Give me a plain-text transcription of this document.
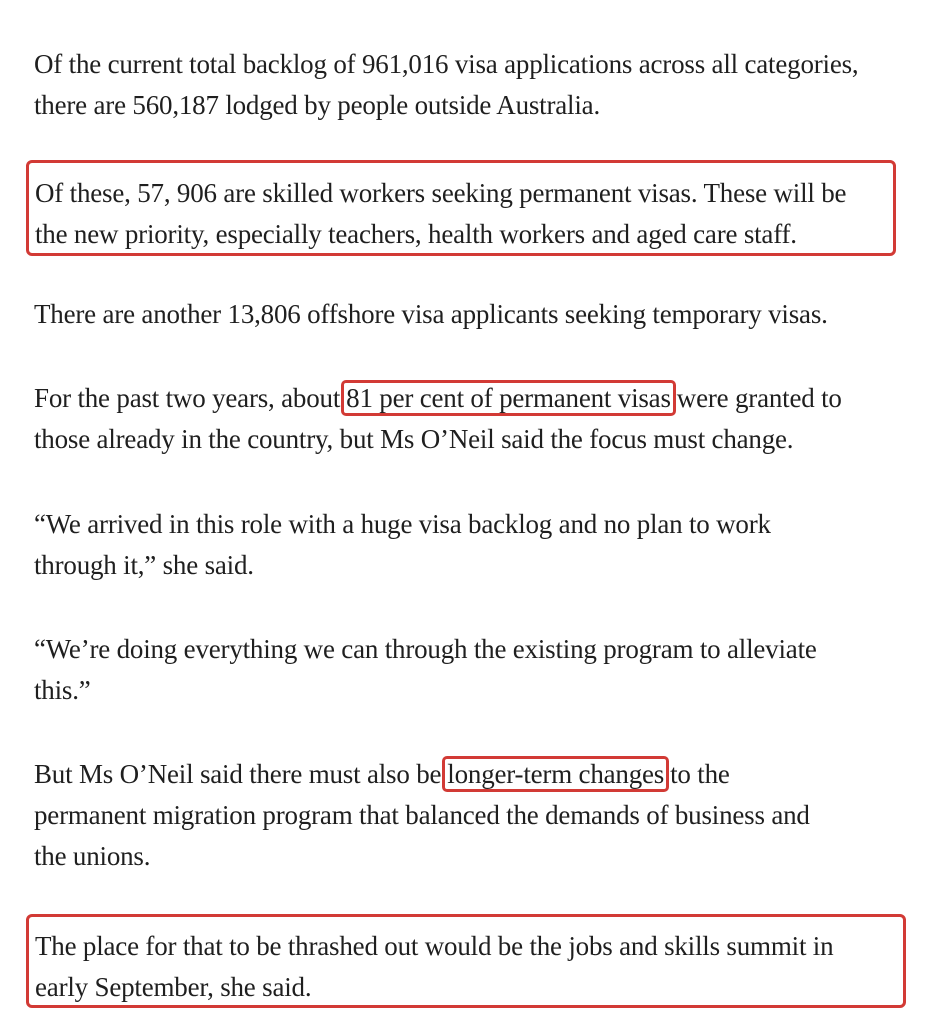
Of the current total backlog of 961,016 visa applications across all categories,
there are 560,187 lodged by people outside Australia.

Of these, 57, 906 are skilled workers seeking permanent visas. These will be
the new priority, especially teachers, health workers and aged care staff.

There are another 13,806 offshore visa applicants seeking temporary visas.

For the past two years, about 81 per cent of permanent visas were granted to
those already in the country, but Ms O’Neil said the focus must change.

“We arrived in this role with a huge visa backlog and no plan to work
through it,” she said.

“We’re doing everything we can through the existing program to alleviate
this.”

But Ms O’Neil said there must also be longer-term changes to the
permanent migration program that balanced the demands of business and
the unions.

The place for that to be thrashed out would be the jobs and skills summit in
early September, she said.
